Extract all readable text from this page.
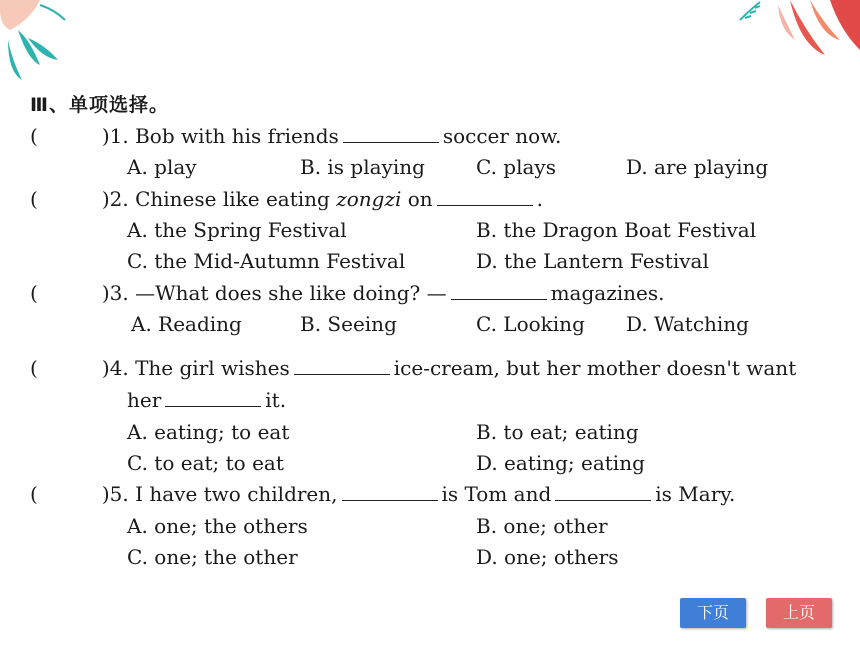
Ⅲ、单项选择。
(	)1. Bob with his friends	soccer now.
A. play	B. is playing	C. plays	D. are playing
(	)2. Chinese like eating zongzi on	.
A. the Spring Festival	B. the Dragon Boat Festival
C. the Mid-Autumn Festival	D. the Lantern Festival
(	)3. —What does she like doing? —	magazines.
A. Reading	B. Seeing	C. Looking D. Watching
(	)4. The girl wishes	ice-cream, but her mother doesn't want
her	it.
A. eating; to eat	B. to eat; eating
C. to eat; to eat	D. eating; eating
(	)5. I have two children,	is Tom and	is Mary.
A. one; the others	B. one; other
C. one; the other	D. one; others
下页	上页
